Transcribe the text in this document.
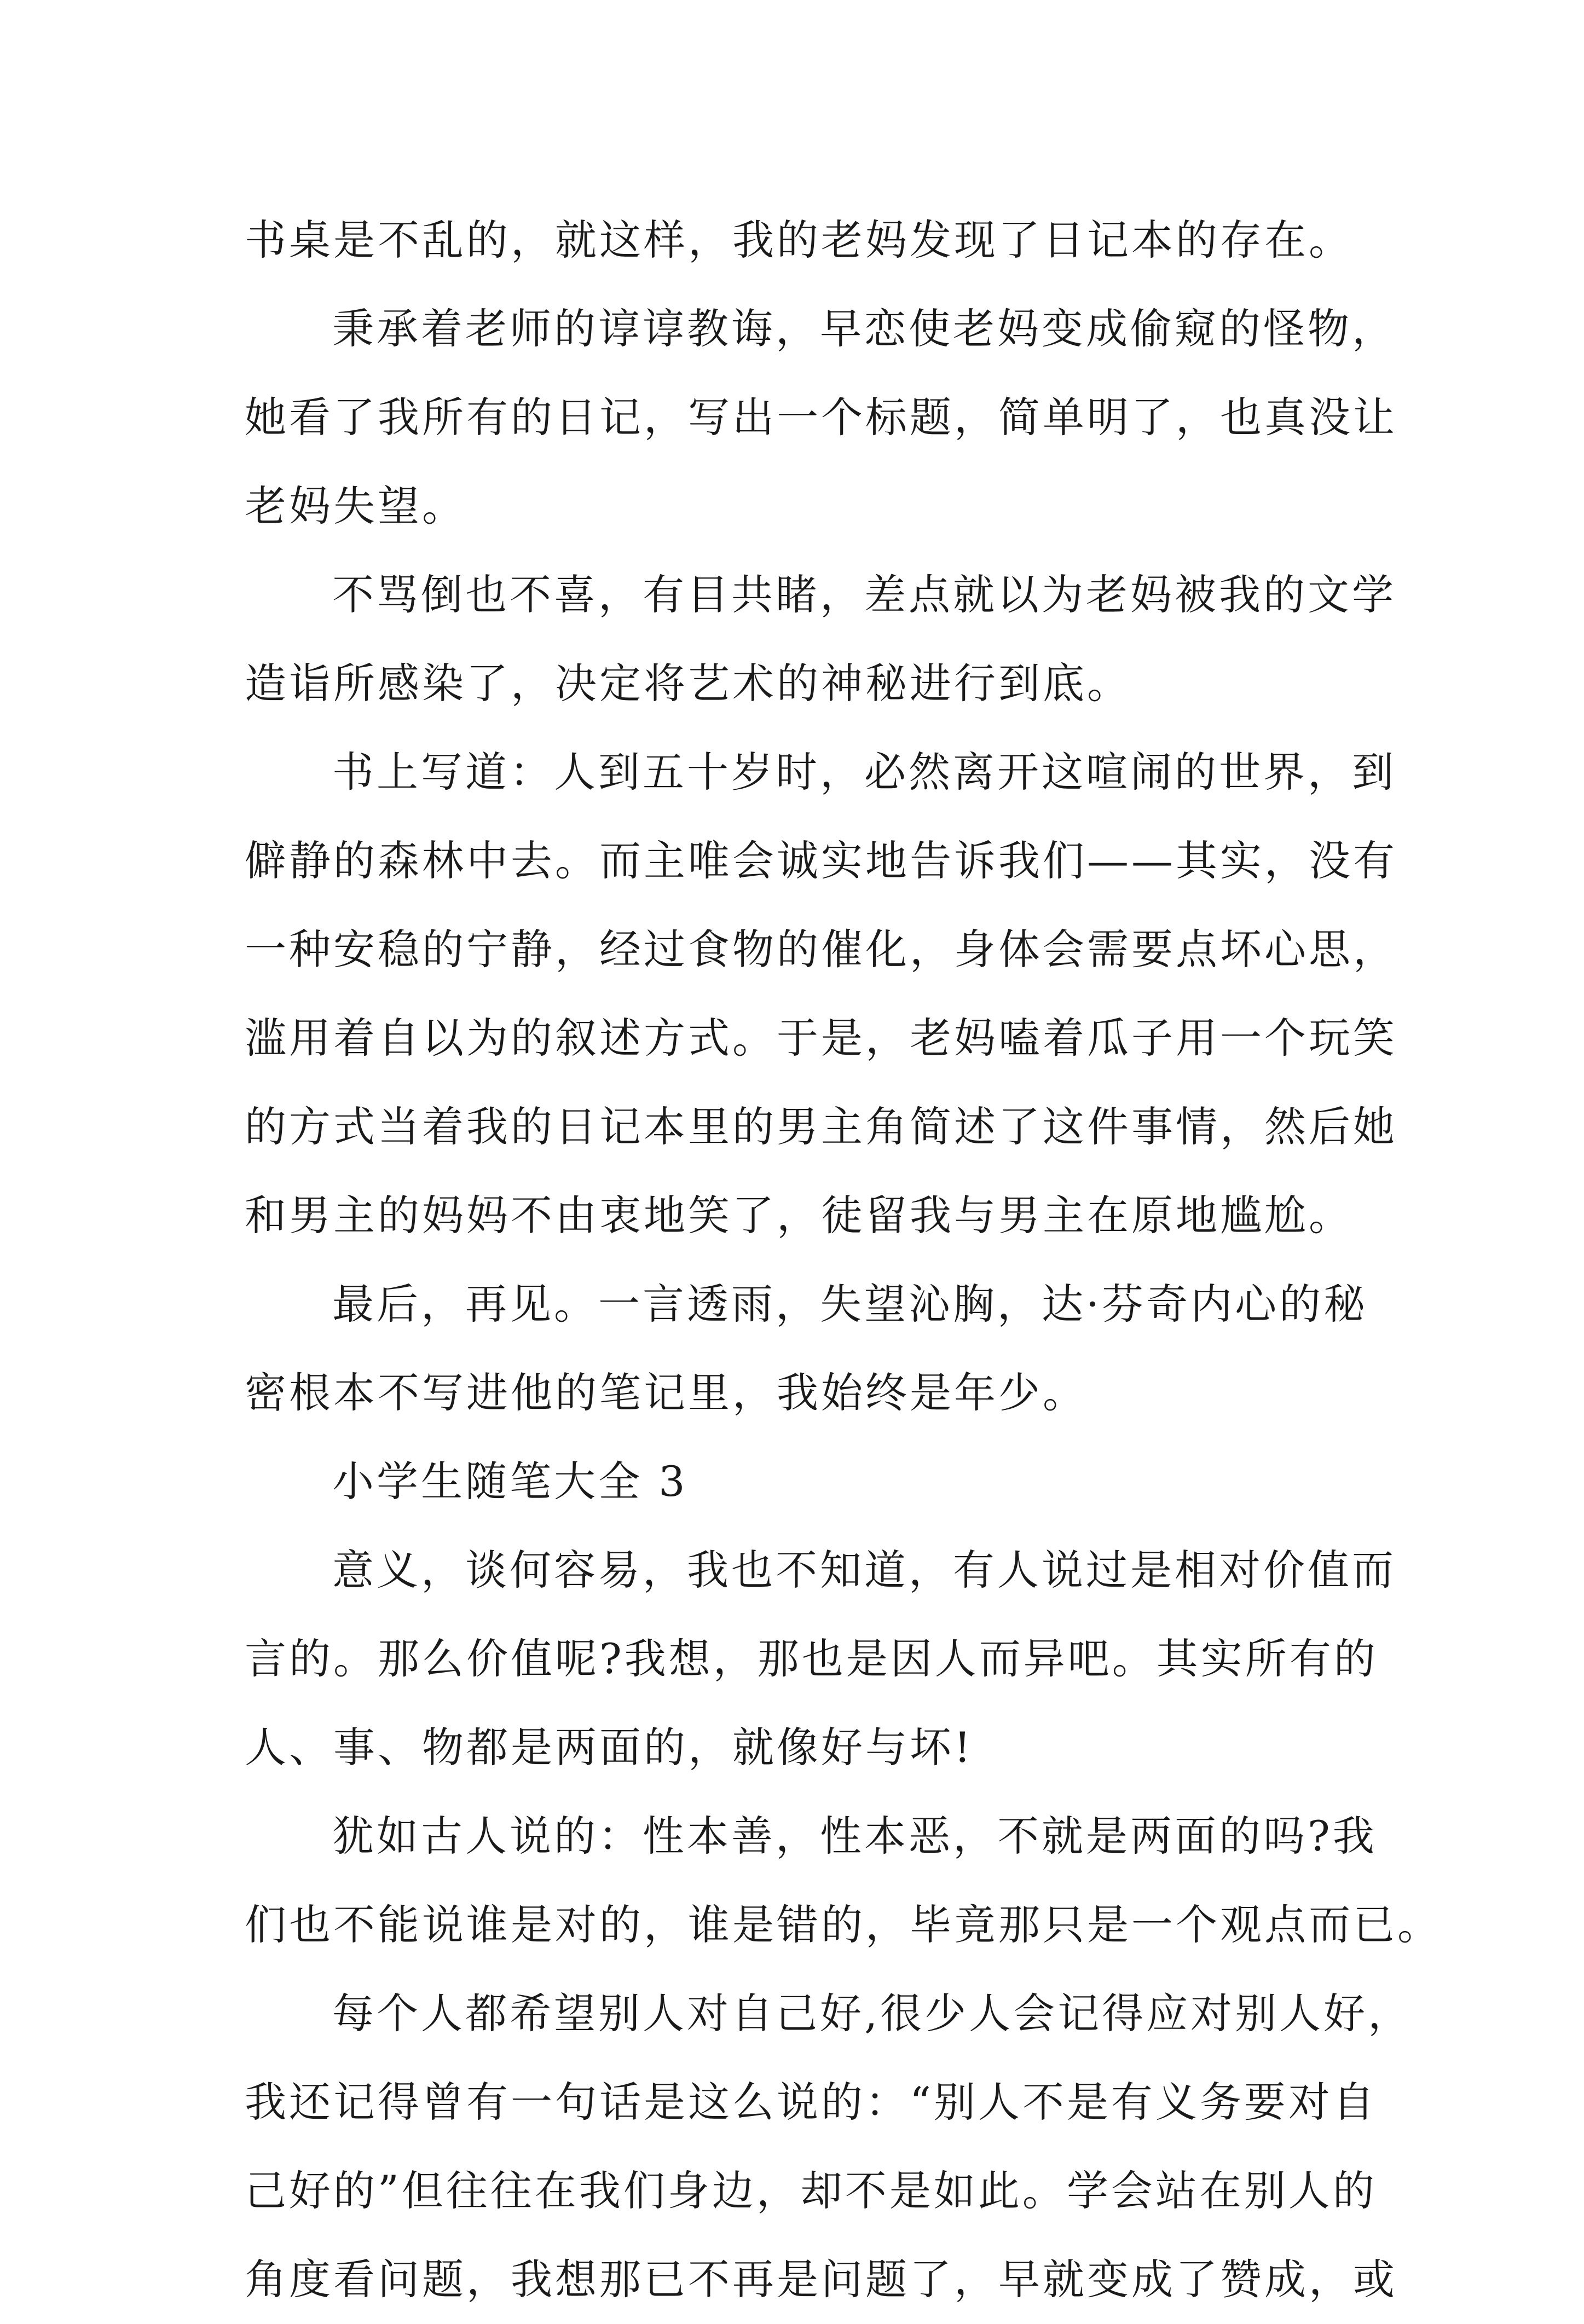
书桌是不乱的，就这样，我的老妈发现了日记本的存在。
秉承着老师的谆谆教诲，早恋使老妈变成偷窥的怪物，
她看了我所有的日记，写出一个标题，简单明了，也真没让
老妈失望。
不骂倒也不喜，有目共睹，差点就以为老妈被我的文学
造诣所感染了，决定将艺术的神秘进行到底。
书上写道：人到五十岁时，必然离开这喧闹的世界，到
僻静的森林中去。而主唯会诚实地告诉我们——其实，没有
一种安稳的宁静，经过食物的催化，身体会需要点坏心思，
滥用着自以为的叙述方式。于是，老妈嗑着瓜子用一个玩笑
的方式当着我的日记本里的男主角简述了这件事情，然后她
和男主的妈妈不由衷地笑了，徒留我与男主在原地尴尬。
最后，再见。一言透雨，失望沁胸，达·芬奇内心的秘
密根本不写进他的笔记里，我始终是年少。
小学生随笔大全 3
意义，谈何容易，我也不知道，有人说过是相对价值而
言的。那么价值呢?我想，那也是因人而异吧。其实所有的
人、事、物都是两面的，就像好与坏!
犹如古人说的：性本善，性本恶，不就是两面的吗?我
们也不能说谁是对的，谁是错的，毕竟那只是一个观点而已。
每个人都希望别人对自己好,很少人会记得应对别人好，
我还记得曾有一句话是这么说的：“别人不是有义务要对自
己好的”但往往在我们身边，却不是如此。学会站在别人的
角度看问题，我想那已不再是问题了，早就变成了赞成，或
